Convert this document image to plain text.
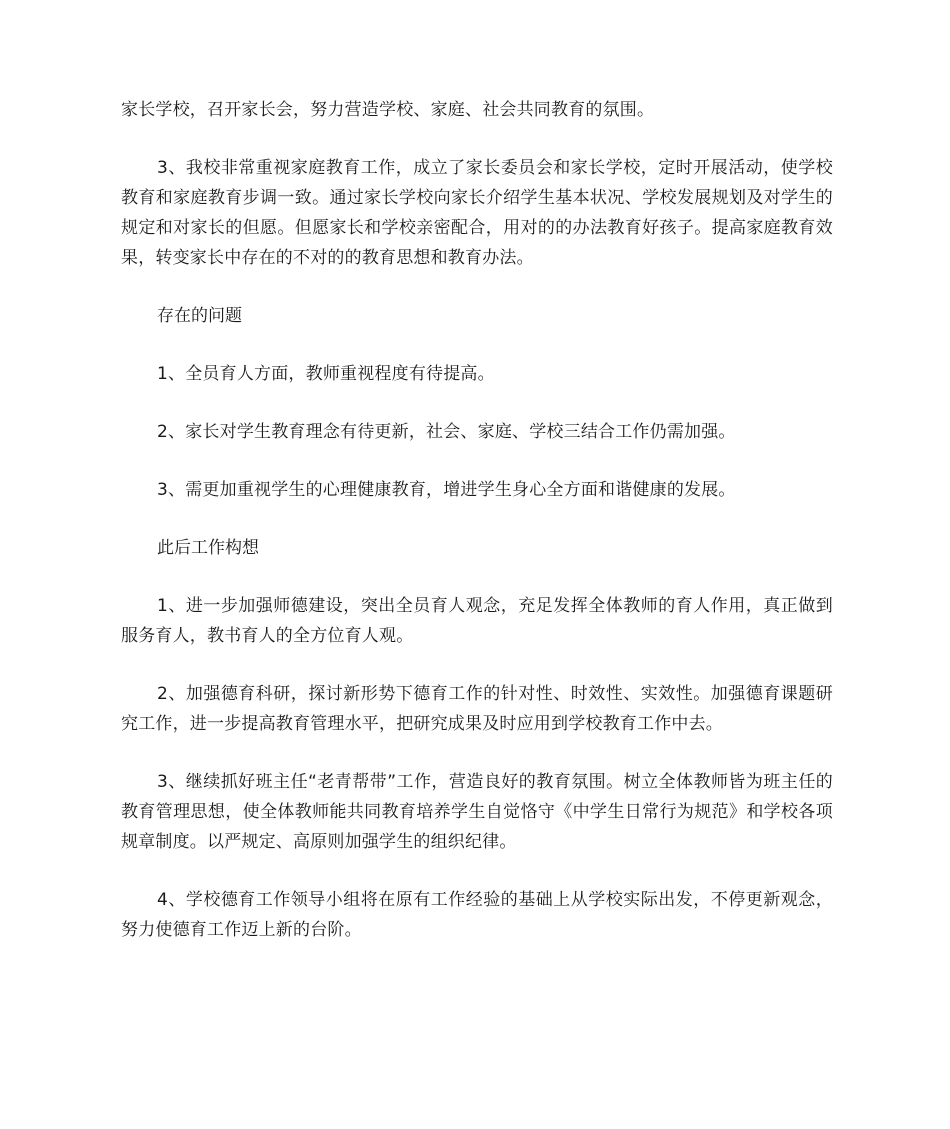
家长学校，召开家长会，努力营造学校、家庭、社会共同教育的氛围。

3、我校非常重视家庭教育工作，成立了家长委员会和家长学校，定时开展活动，使学校教育和家庭教育步调一致。通过家长学校向家长介绍学生基本状况、学校发展规划及对学生的规定和对家长的但愿。但愿家长和学校亲密配合，用对的的办法教育好孩子。提高家庭教育效果，转变家长中存在的不对的的教育思想和教育办法。

存在的问题

1、全员育人方面，教师重视程度有待提高。

2、家长对学生教育理念有待更新，社会、家庭、学校三结合工作仍需加强。

3、需更加重视学生的心理健康教育，增进学生身心全方面和谐健康的发展。

此后工作构想

1、进一步加强师德建设，突出全员育人观念，充足发挥全体教师的育人作用，真正做到服务育人，教书育人的全方位育人观。

2、加强德育科研，探讨新形势下德育工作的针对性、时效性、实效性。加强德育课题研究工作，进一步提高教育管理水平，把研究成果及时应用到学校教育工作中去。

3、继续抓好班主任“老青帮带”工作，营造良好的教育氛围。树立全体教师皆为班主任的教育管理思想，使全体教师能共同教育培养学生自觉恪守《中学生日常行为规范》和学校各项规章制度。以严规定、高原则加强学生的组织纪律。

4、学校德育工作领导小组将在原有工作经验的基础上从学校实际出发，不停更新观念，努力使德育工作迈上新的台阶。
